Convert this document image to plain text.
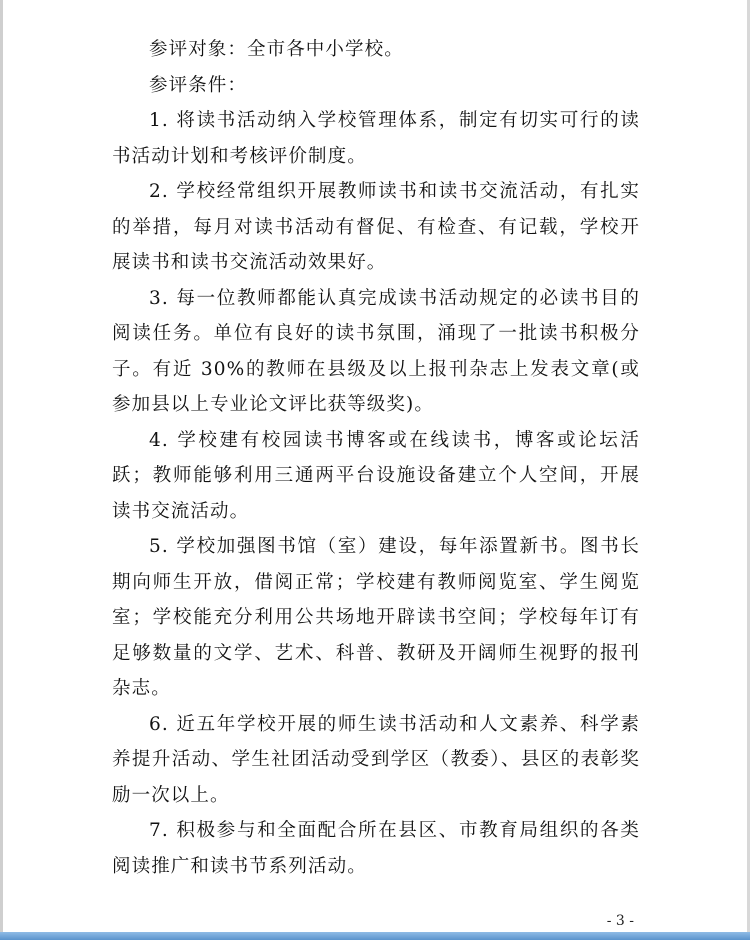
参评对象：全市各中小学校。

参评条件：

1. 将读书活动纳入学校管理体系，制定有切实可行的读书活动计划和考核评价制度。

2. 学校经常组织开展教师读书和读书交流活动，有扎实的举措，每月对读书活动有督促、有检查、有记载，学校开展读书和读书交流活动效果好。

3. 每一位教师都能认真完成读书活动规定的必读书目的阅读任务。单位有良好的读书氛围，涌现了一批读书积极分子。有近 30%的教师在县级及以上报刊杂志上发表文章(或参加县以上专业论文评比获等级奖)。

4. 学校建有校园读书博客或在线读书，博客或论坛活跃；教师能够利用三通两平台设施设备建立个人空间，开展读书交流活动。

5. 学校加强图书馆（室）建设，每年添置新书。图书长期向师生开放，借阅正常；学校建有教师阅览室、学生阅览室；学校能充分利用公共场地开辟读书空间；学校每年订有足够数量的文学、艺术、科普、教研及开阔师生视野的报刊杂志。

6. 近五年学校开展的师生读书活动和人文素养、科学素养提升活动、学生社团活动受到学区（教委）、县区的表彰奖励一次以上。

7. 积极参与和全面配合所在县区、市教育局组织的各类阅读推广和读书节系列活动。

- 3 -
